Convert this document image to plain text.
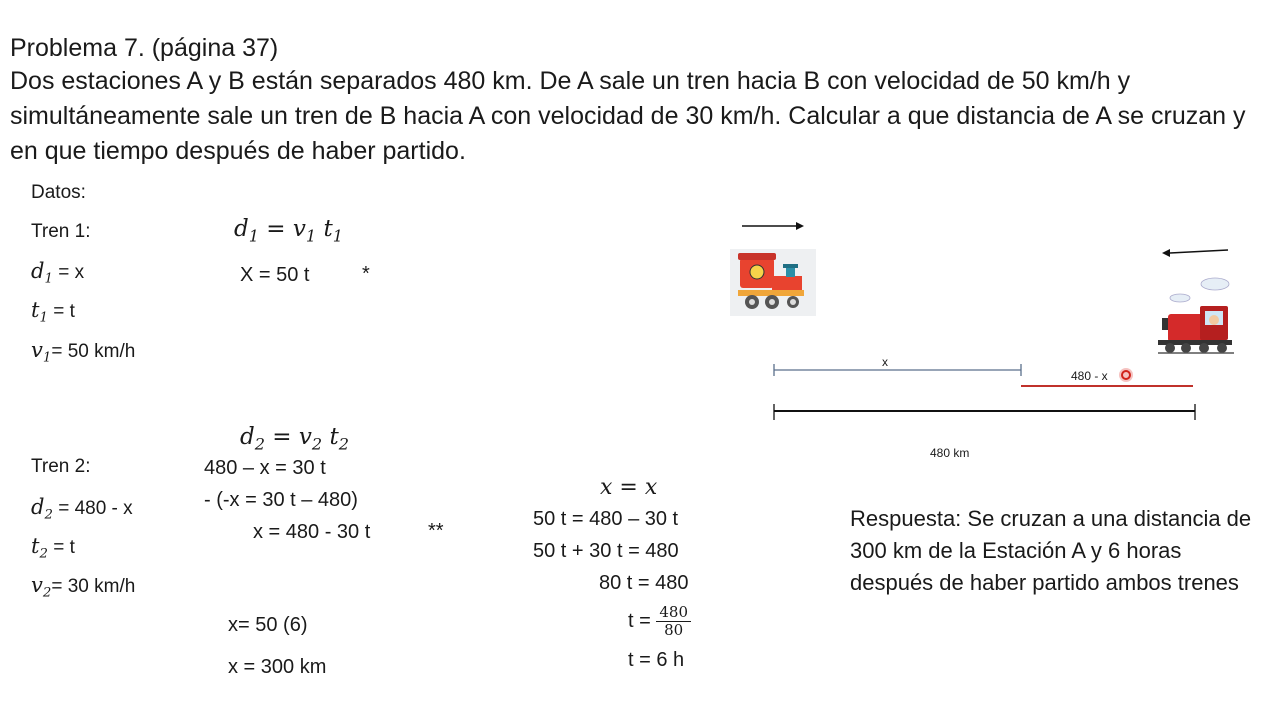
Problema 7. (página 37)
Dos estaciones A y B están separados 480 km. De A sale un tren hacia B con velocidad de 50 km/h y simultáneamente sale un tren de B hacia A con velocidad de 30 km/h. Calcular a que distancia de A se cruzan y en que tiempo después de haber partido.
Datos:
Tren 1:
$d_1 = x$
$t_1 = t$
$v_1= 50$ km/h
Tren 2:
$d_2 = 480 - x$
$t_2 = t$
$v_2= 30$ km/h
$d_1 = v_1$ $t_1$
X = 50 t	*
$d_2 = v_2$ $t_2$
480 – x = 30 t
- (-x = 30 t – 480)
x = 480 - 30 t	**
x= 50 (6)
x = 300 km
x = x
50 t = 480 – 30 t
50 t + 30 t = 480
80 t = 480
$t = \frac{480}{80}$
t = 6 h
Respuesta: Se cruzan a una distancia de 300 km de la Estación A y 6 horas después de haber partido ambos trenes
x
480 - x
480 km
